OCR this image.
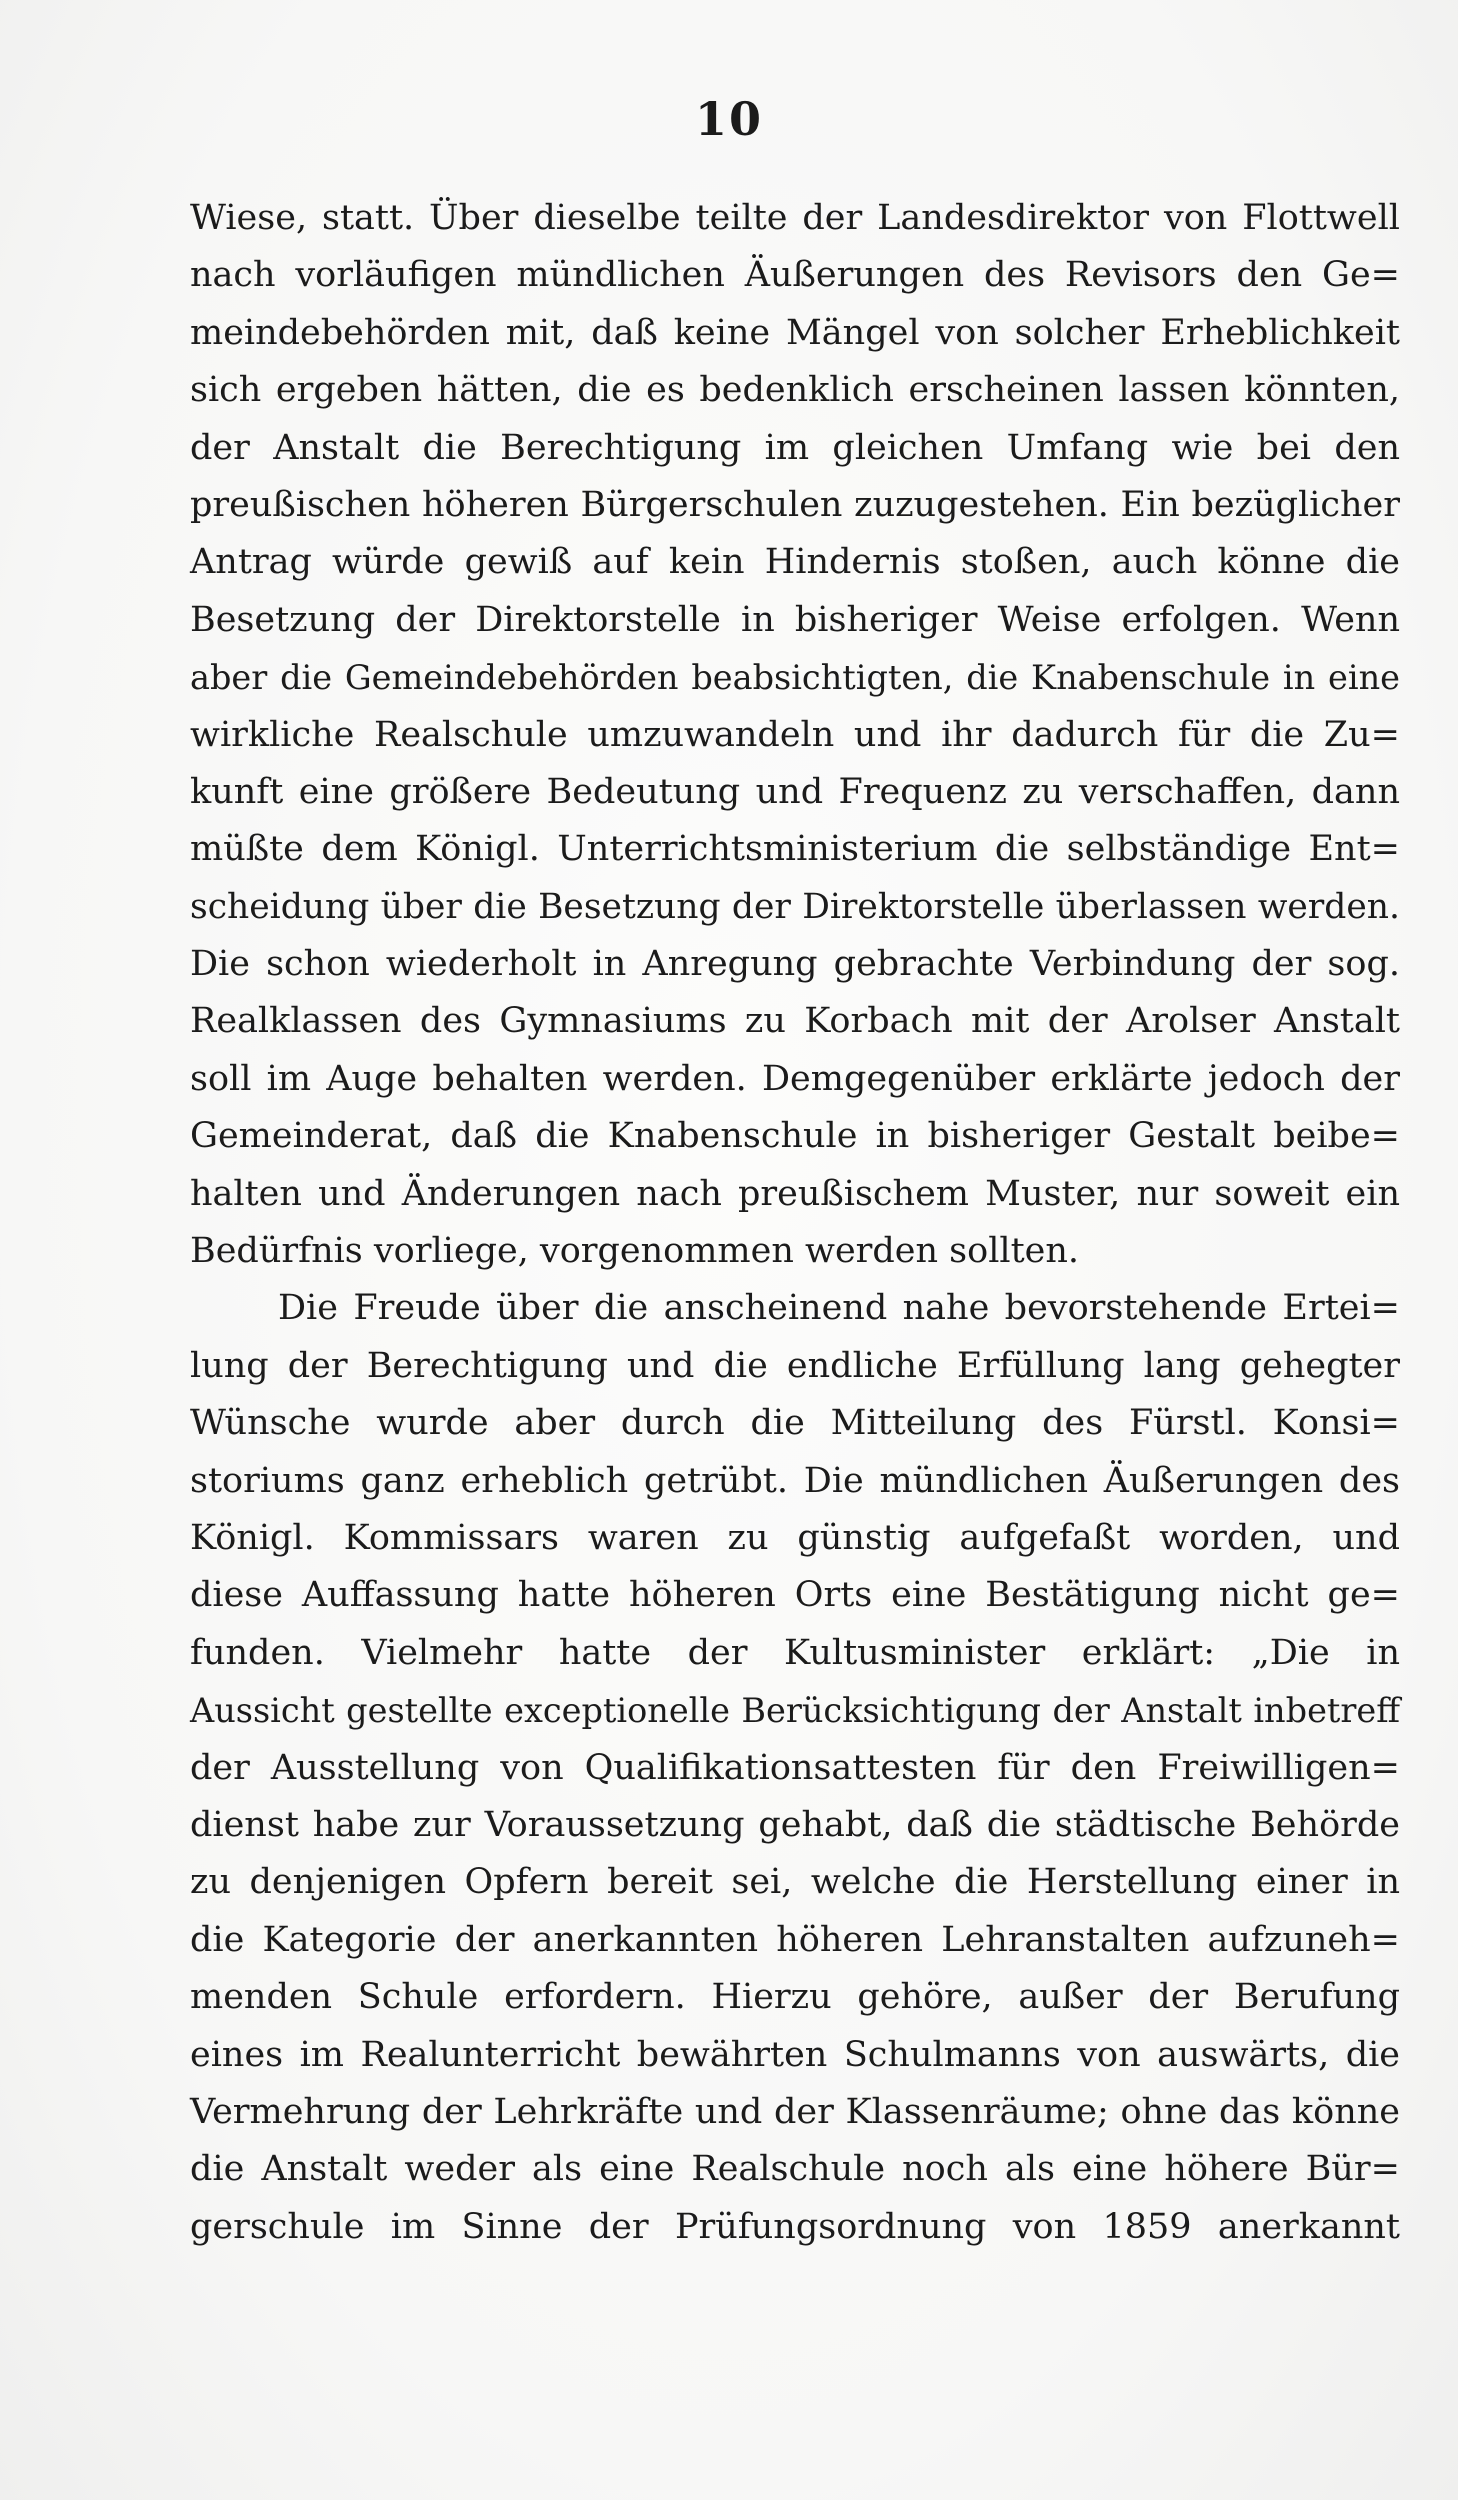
10
Wiese, statt. Über dieselbe teilte der Landesdirektor von Flottwell
nach vorläufigen mündlichen Äußerungen des Revisors den Ge=
meindebehörden mit, daß keine Mängel von solcher Erheblichkeit
sich ergeben hätten, die es bedenklich erscheinen lassen könnten,
der Anstalt die Berechtigung im gleichen Umfang wie bei den
preußischen höheren Bürgerschulen zuzugestehen. Ein bezüglicher
Antrag würde gewiß auf kein Hindernis stoßen, auch könne die
Besetzung der Direktorstelle in bisheriger Weise erfolgen. Wenn
aber die Gemeindebehörden beabsichtigten, die Knabenschule in eine
wirkliche Realschule umzuwandeln und ihr dadurch für die Zu=
kunft eine größere Bedeutung und Frequenz zu verschaffen, dann
müßte dem Königl. Unterrichtsministerium die selbständige Ent=
scheidung über die Besetzung der Direktorstelle überlassen werden.
Die schon wiederholt in Anregung gebrachte Verbindung der sog.
Realklassen des Gymnasiums zu Korbach mit der Arolser Anstalt
soll im Auge behalten werden. Demgegenüber erklärte jedoch der
Gemeinderat, daß die Knabenschule in bisheriger Gestalt beibe=
halten und Änderungen nach preußischem Muster, nur soweit ein
Bedürfnis vorliege, vorgenommen werden sollten.
Die Freude über die anscheinend nahe bevorstehende Ertei=
lung der Berechtigung und die endliche Erfüllung lang gehegter
Wünsche wurde aber durch die Mitteilung des Fürstl. Konsi=
storiums ganz erheblich getrübt. Die mündlichen Äußerungen des
Königl. Kommissars waren zu günstig aufgefaßt worden, und
diese Auffassung hatte höheren Orts eine Bestätigung nicht ge=
funden. Vielmehr hatte der Kultusminister erklärt: „Die in
Aussicht gestellte exceptionelle Berücksichtigung der Anstalt inbetreff
der Ausstellung von Qualifikationsattesten für den Freiwilligen=
dienst habe zur Voraussetzung gehabt, daß die städtische Behörde
zu denjenigen Opfern bereit sei, welche die Herstellung einer in
die Kategorie der anerkannten höheren Lehranstalten aufzuneh=
menden Schule erfordern. Hierzu gehöre, außer der Berufung
eines im Realunterricht bewährten Schulmanns von auswärts, die
Vermehrung der Lehrkräfte und der Klassenräume; ohne das könne
die Anstalt weder als eine Realschule noch als eine höhere Bür=
gerschule im Sinne der Prüfungsordnung von 1859 anerkannt
